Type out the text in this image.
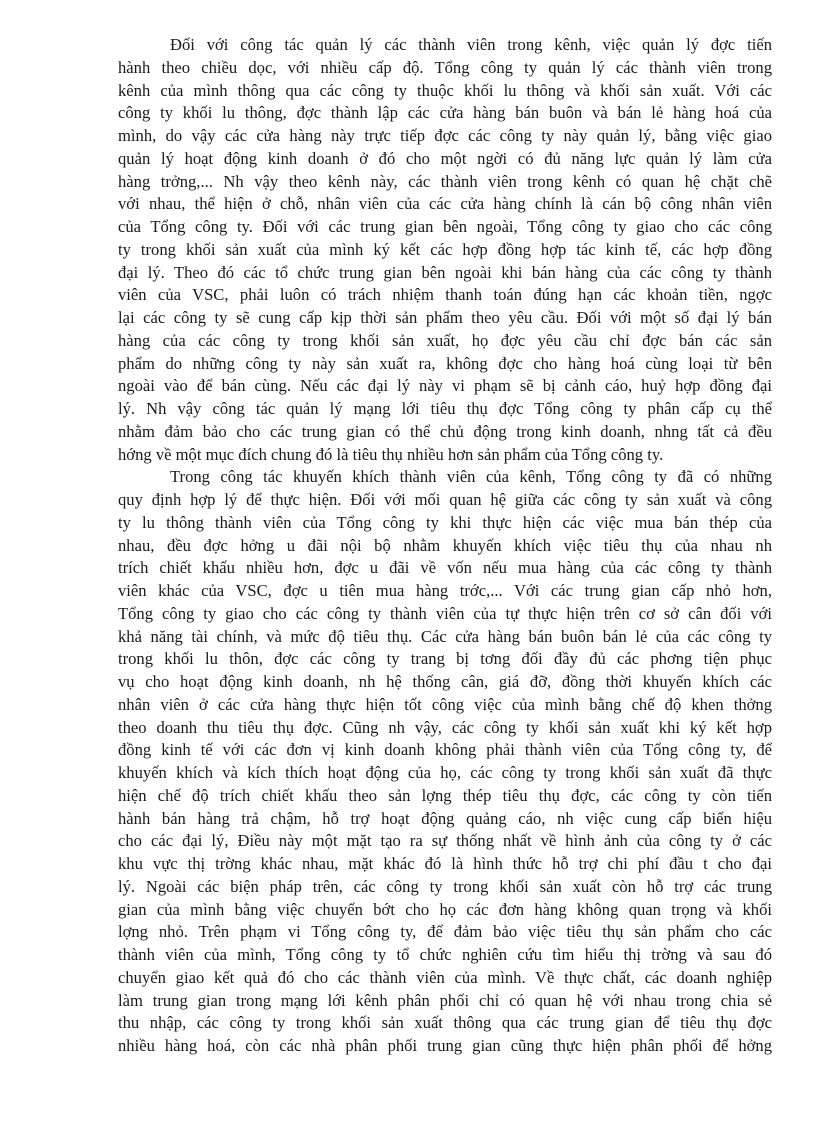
Đối với công tác quản lý các thành viên trong kênh, việc quản lý đợc tiến
hành theo chiều dọc, với nhiều cấp độ. Tổng công ty quản lý các thành viên trong
kênh của mình thông qua các công ty thuộc khối lu thông và khối sản xuất. Với các
công ty khối lu thông, đợc thành lập các cửa hàng bán buôn và bán lẻ hàng hoá của
mình, do vậy các cửa hàng này trực tiếp đợc các công ty này quản lý, bằng việc giao
quản lý hoạt động kinh doanh ở đó cho một ngời có đủ năng lực quản lý làm cửa
hàng trởng,... Nh vậy theo kênh này, các thành viên trong kênh có quan hệ chặt chẽ
với nhau, thể hiện ở chỗ, nhân viên của các cửa hàng chính là cán bộ công nhân viên
của Tổng công ty. Đối với các trung gian bên ngoài, Tổng công ty giao cho các công
ty trong khối sản xuất của mình ký kết các hợp đồng hợp tác kinh tế, các hợp đồng
đại lý. Theo đó các tổ chức trung gian bên ngoài khi bán hàng của các công ty thành
viên của VSC, phải luôn có trách nhiệm thanh toán đúng hạn các khoản tiền, ngợc
lại các công ty sẽ cung cấp kịp thời sản phẩm theo yêu cầu. Đối với một số đại lý bán
hàng của các công ty trong khối sản xuất, họ đợc yêu cầu chỉ đợc bán các sản
phẩm do những công ty này sản xuất ra, không đợc cho hàng hoá cùng loại từ bên
ngoài vào để bán cùng. Nếu các đại lý này vi phạm sẽ bị cảnh cáo, huỷ hợp đồng đại
lý. Nh vậy công tác quản lý mạng lới tiêu thụ đợc Tổng công ty phân cấp cụ thể
nhằm đảm bảo cho các trung gian có thể chủ động trong kinh doanh, nhng tất cả đều
hớng về một mục đích chung đó là tiêu thụ nhiều hơn sản phẩm của Tổng công ty.
Trong công tác khuyến khích thành viên của kênh, Tổng công ty đã có những
quy định hợp lý để thực hiện. Đối với mối quan hệ giữa các công ty sản xuất và công
ty lu thông thành viên của Tổng công ty khi thực hiện các việc mua bán thép của
nhau, đều đợc hởng u đãi nội bộ nhằm khuyến khích việc tiêu thụ của nhau nh
trích chiết khấu nhiều hơn, đợc u đãi về vốn nếu mua hàng của các công ty thành
viên khác của VSC, đợc u tiên mua hàng trớc,... Với các trung gian cấp nhỏ hơn,
Tổng công ty giao cho các công ty thành viên của tự thực hiện trên cơ sở cân đối với
khả năng tài chính, và mức độ tiêu thụ. Các cửa hàng bán buôn bán lẻ của các công ty
trong khối lu thôn, đợc các công ty trang bị tơng đối đầy đủ các phơng tiện phục
vụ cho hoạt động kinh doanh, nh hệ thống cân, giá đỡ, đồng thời khuyến khích các
nhân viên ở các cửa hàng thực hiện tốt công việc của mình bằng chế độ khen thởng
theo doanh thu tiêu thụ đợc. Cũng nh vậy, các công ty khối sản xuất khi ký kết hợp
đồng kinh tế với các đơn vị kinh doanh không phải thành viên của Tổng công ty, để
khuyến khích và kích thích hoạt động của họ, các công ty trong khối sản xuất đã thực
hiện chế độ trích chiết khấu theo sản lợng thép tiêu thụ đợc, các công ty còn tiến
hành bán hàng trả chậm, hỗ trợ hoạt động quảng cáo, nh việc cung cấp biển hiệu
cho các đại lý, Điều này một mặt tạo ra sự thống nhất về hình ảnh của công ty ở các
khu vực thị trờng khác nhau, mặt khác đó là hình thức hỗ trợ chi phí đầu t cho đại
lý. Ngoài các biện pháp trên, các công ty trong khối sản xuất còn hỗ trợ các trung
gian của mình bằng việc chuyển bớt cho họ các đơn hàng không quan trọng và khối
lợng nhỏ. Trên phạm vi Tổng công ty, để đảm bảo việc tiêu thụ sản phẩm cho các
thành viên của mình, Tổng công ty tổ chức nghiên cứu tìm hiểu thị trờng và sau đó
chuyển giao kết quả đó cho các thành viên của mình. Về thực chất, các doanh nghiệp
làm trung gian trong mạng lới kênh phân phối chỉ có quan hệ với nhau trong chia sẻ
thu nhập, các công ty trong khối sản xuất thông qua các trung gian để tiêu thụ đợc
nhiều hàng hoá, còn các nhà phân phối trung gian cũng thực hiện phân phối để hởng
